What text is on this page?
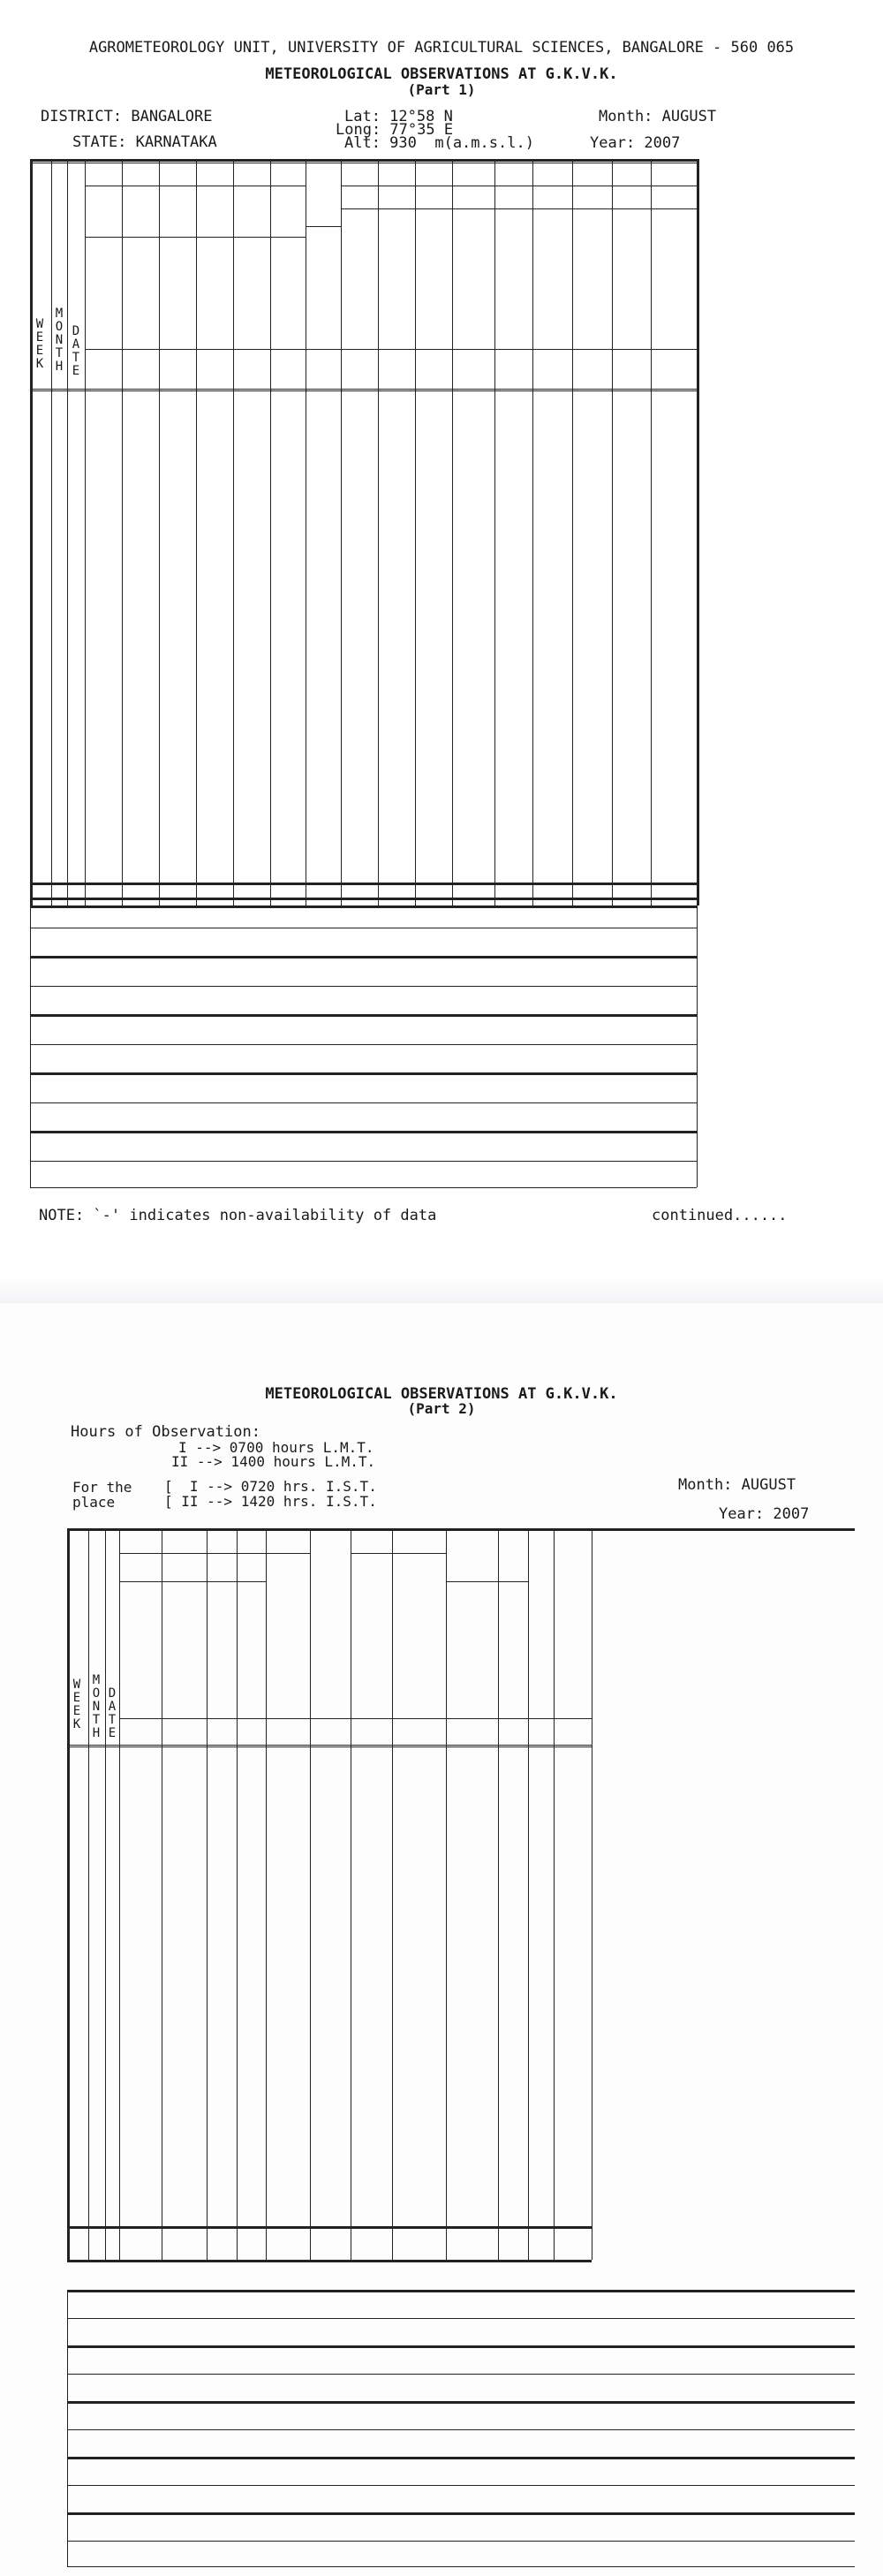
AGROMETEOROLOGY UNIT, UNIVERSITY OF AGRICULTURAL SCIENCES, BANGALORE - 560 065
METEOROLOGICAL OBSERVATIONS AT G.K.V.K.
(Part 1)
DISTRICT: BANGALORE
STATE: KARNATAKA
Lat: 12°58 N
Long: 77°35 E
Alt: 930  m(a.m.s.l.)
Month: AUGUST
Year: 2007
W
E
E
K
M
O
N
T
H
D
A
T
E
NOTE: `-' indicates non-availability of data	continued......
METEOROLOGICAL OBSERVATIONS AT G.K.V.K.
(Part 2)
Hours of Observation:
I --> 0700 hours L.M.T.
II --> 1400 hours L.M.T.
For the
place
[  I --> 0720 hrs. I.S.T.
[ II --> 1420 hrs. I.S.T.
Month: AUGUST
Year: 2007
W
E
E
K
M
O
N
T
H
D
A
T
E
